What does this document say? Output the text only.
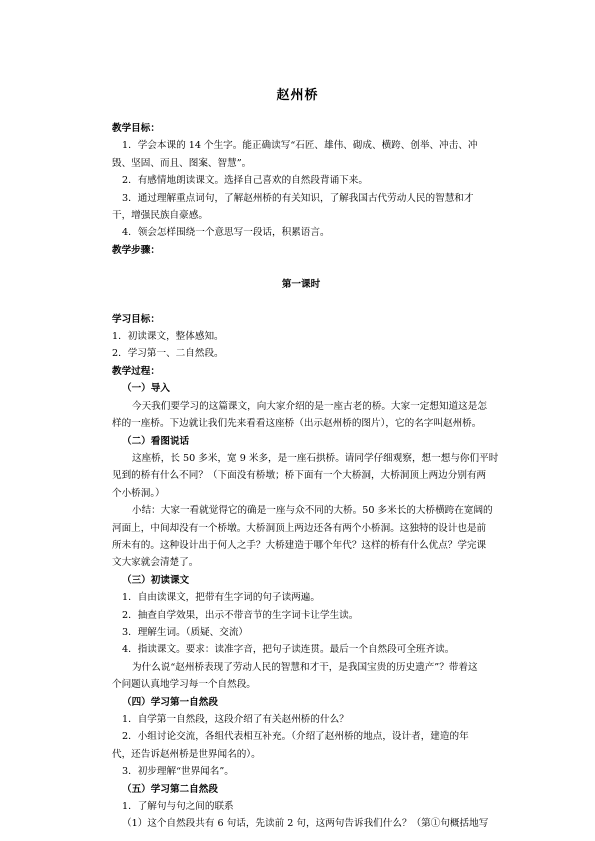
赵州桥
教学目标：
1．学会本课的 14 个生字。能正确读写“石匠、雄伟、砌成、横跨、创举、冲击、冲
毁、坚固、而且、图案、智慧”。
2．有感情地朗读课文。选择自己喜欢的自然段背诵下来。
3．通过理解重点词句，了解赵州桥的有关知识，了解我国古代劳动人民的智慧和才
干，增强民族自豪感。
4．领会怎样围绕一个意思写一段话，积累语言。
教学步骤：
第一课时
学习目标：
1．初读课文，整体感知。
2．学习第一、二自然段。
教学过程：
（一）导入
今天我们要学习的这篇课文，向大家介绍的是一座古老的桥。大家一定想知道这是怎
样的一座桥。下边就让我们先来看看这座桥（出示赵州桥的图片），它的名字叫赵州桥。
（二）看图说话
这座桥，长 50 多米，宽 9 米多，是一座石拱桥。请同学仔细观察，想一想与你们平时
见到的桥有什么不同？（下面没有桥墩；桥下面有一个大桥洞，大桥洞顶上两边分别有两
个小桥洞。）
小结：大家一看就觉得它的确是一座与众不同的大桥。50 多米长的大桥横跨在宽阔的
河面上，中间却没有一个桥墩。大桥洞顶上两边还各有两个小桥洞。这独特的设计也是前
所未有的。这种设计出于何人之手？大桥建造于哪个年代？这样的桥有什么优点？学完课
文大家就会清楚了。
（三）初读课文
1．自由读课文，把带有生字词的句子读两遍。
2．抽查自学效果，出示不带音节的生字词卡让学生读。
3．理解生词。（质疑、交流）
4．指读课文。要求：读准字音，把句子读连贯。最后一个自然段可全班齐读。
为什么说“赵州桥表现了劳动人民的智慧和才干，是我国宝贵的历史遗产”？带着这
个问题认真地学习每一个自然段。
（四）学习第一自然段
1．自学第一自然段，这段介绍了有关赵州桥的什么？
2．小组讨论交流，各组代表相互补充。（介绍了赵州桥的地点，设计者，建造的年
代，还告诉赵州桥是世界闻名的）。
3．初步理解“世界闻名”。
（五）学习第二自然段
1．了解句与句之间的联系
（1）这个自然段共有 6 句话，先读前 2 句，这两句告诉我们什么？（第①句概括地写
